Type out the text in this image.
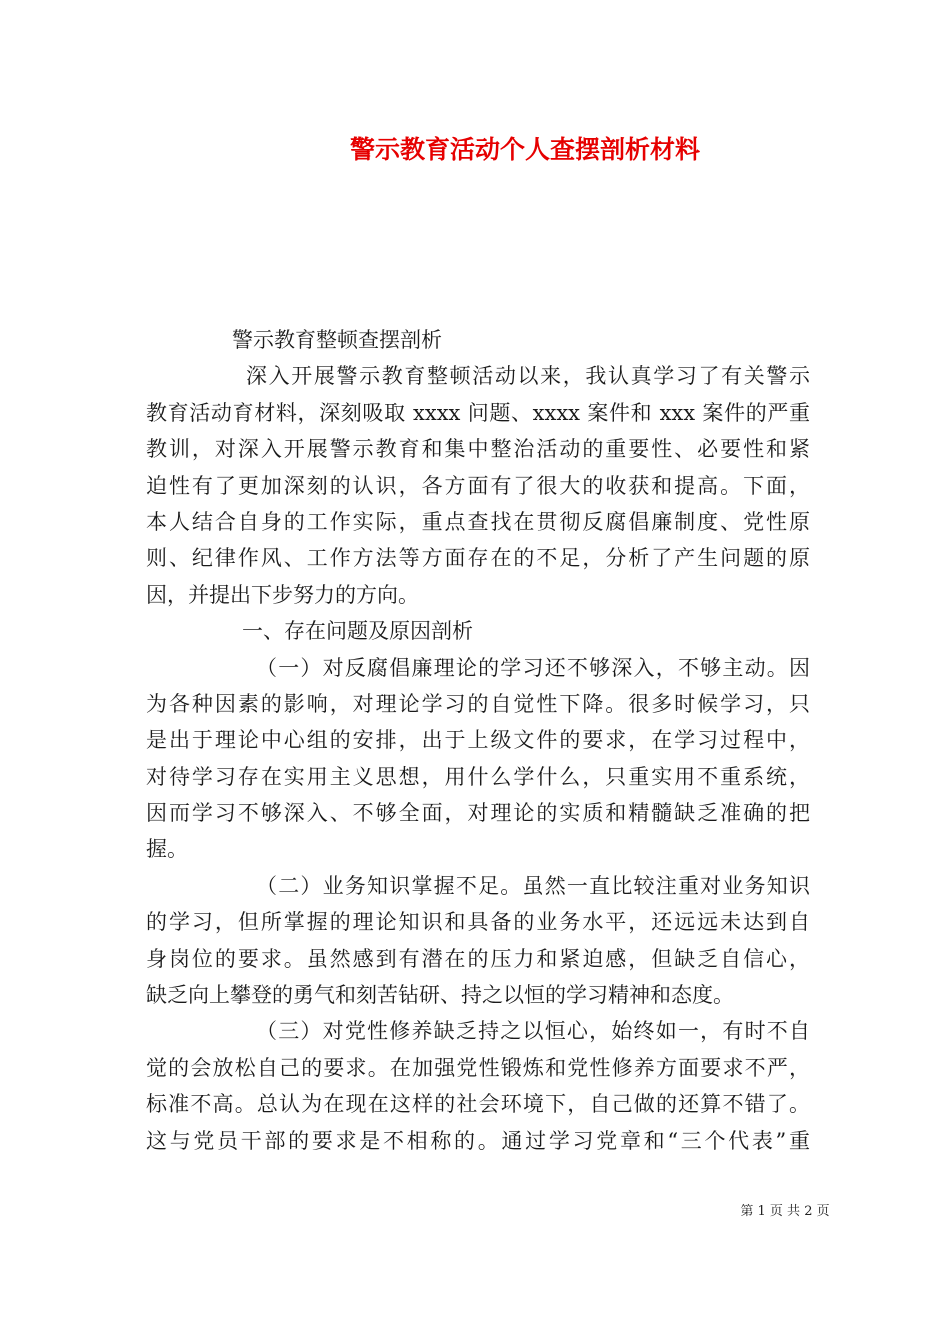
警示教育活动个人查摆剖析材料
警示教育整顿查摆剖析
深入开展警示教育整顿活动以来，我认真学习了有关警示
教育活动育材料，深刻吸取 xxxx 问题、xxxx 案件和 xxx 案件的严重
教训，对深入开展警示教育和集中整治活动的重要性、必要性和紧
迫性有了更加深刻的认识，各方面有了很大的收获和提高。下面，
本人结合自身的工作实际，重点查找在贯彻反腐倡廉制度、党性原
则、纪律作风、工作方法等方面存在的不足，分析了产生问题的原
因，并提出下步努力的方向。
一、存在问题及原因剖析
（一）对反腐倡廉理论的学习还不够深入，不够主动。因
为各种因素的影响，对理论学习的自觉性下降。很多时候学习，只
是出于理论中心组的安排，出于上级文件的要求，在学习过程中，
对待学习存在实用主义思想，用什么学什么，只重实用不重系统，
因而学习不够深入、不够全面，对理论的实质和精髓缺乏准确的把
握。
（二）业务知识掌握不足。虽然一直比较注重对业务知识
的学习，但所掌握的理论知识和具备的业务水平，还远远未达到自
身岗位的要求。虽然感到有潜在的压力和紧迫感，但缺乏自信心，
缺乏向上攀登的勇气和刻苦钻研、持之以恒的学习精神和态度。
（三）对党性修养缺乏持之以恒心，始终如一，有时不自
觉的会放松自己的要求。在加强党性锻炼和党性修养方面要求不严，
标准不高。总认为在现在这样的社会环境下，自己做的还算不错了。
这与党员干部的要求是不相称的。通过学习党章和“三个代表”重
第 1 页 共 2 页
